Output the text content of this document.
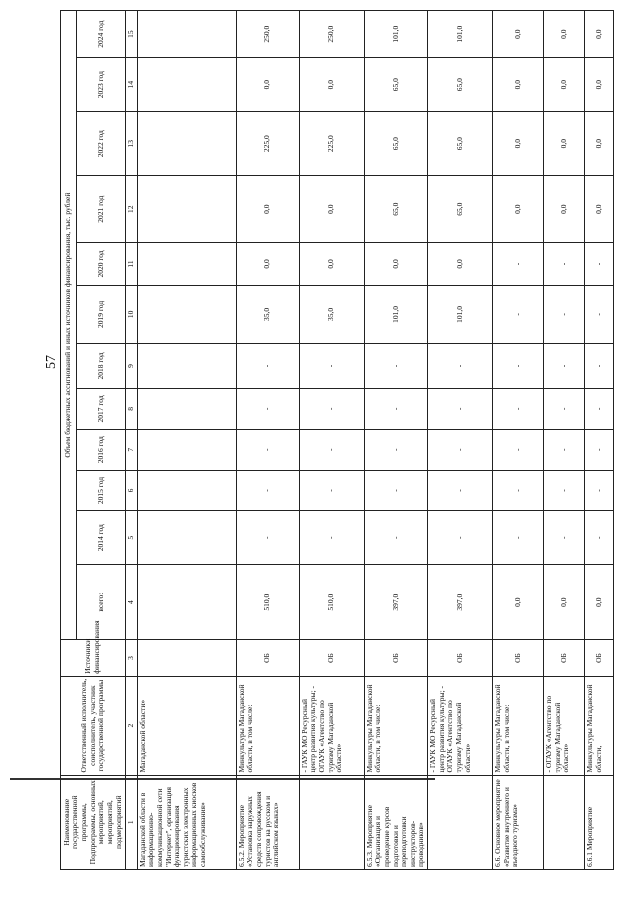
57
Наименование государственной программы, Подпрограммы, основных мероприятий, мероприятий, подмероприятий	Ответственный исполнитель, соисполнитель, участник государственной программы	Источники финансирования	Объем бюджетных ассигнований и иных источников финансирования, тыс. рублей											
			всего:	2014 год	2015 год	2016 год	2017 год	2018 год	2019 год	2020 год	2021 год	2022 год	2023 год	2024 год
1	2	3	4	5	6	7	8	9	10	11	12	13	14	15
Магаданской области в информационно-коммуникационной сети "Интернет", организация функционирования туристских электронных информационных киосков самообслуживания»	Магаданской области»													
6.5.2. Мероприятие «Установка наружных средств сопровождения туристов на русском и английском языках»	Минкультуры Магаданской области, в том числе:	ОБ	510,0	-	-	-	-	-	35,0	0,0	0,0	225,0	0,0	250,0
	- ГАУК МО Ресурсный центр развития культуры; - ОГАУК «Агентство по туризму Магаданской области»	ОБ	510,0	-	-	-	-	-	35,0	0,0	0,0	225,0	0,0	250,0
6.5.3. Мероприятие «Организация и проведение курсов подготовки и переподготовки инструкторов-проводников»	Минкультуры Магаданской области, в том числе:	ОБ	397,0	-	-	-	-	-	101,0	0,0	65,0	65,0	65,0	101,0
	- ГАУК МО Ресурсный центр развития культуры; - ОГАУК «Агентство по туризму Магаданской области»	ОБ	397,0	-	-	-	-	-	101,0	0,0	65,0	65,0	65,0	101,0
6.6. Основное мероприятие «Развитие внутреннего и въездного туризма»	Минкультуры Магаданской области, в том числе:	ОБ	0,0	-	-	-	-	-	-	-	0,0	0,0	0,0	0,0
	- ОГАУК «Агентство по туризму Магаданской области»	ОБ	0,0	-	-	-	-	-	-	-	0,0	0,0	0,0	0,0
6.6.1 Мероприятие	Минкультуры Магаданской области,	ОБ	0,0	-	-	-	-	-	-	-	0,0	0,0	0,0	0,0
